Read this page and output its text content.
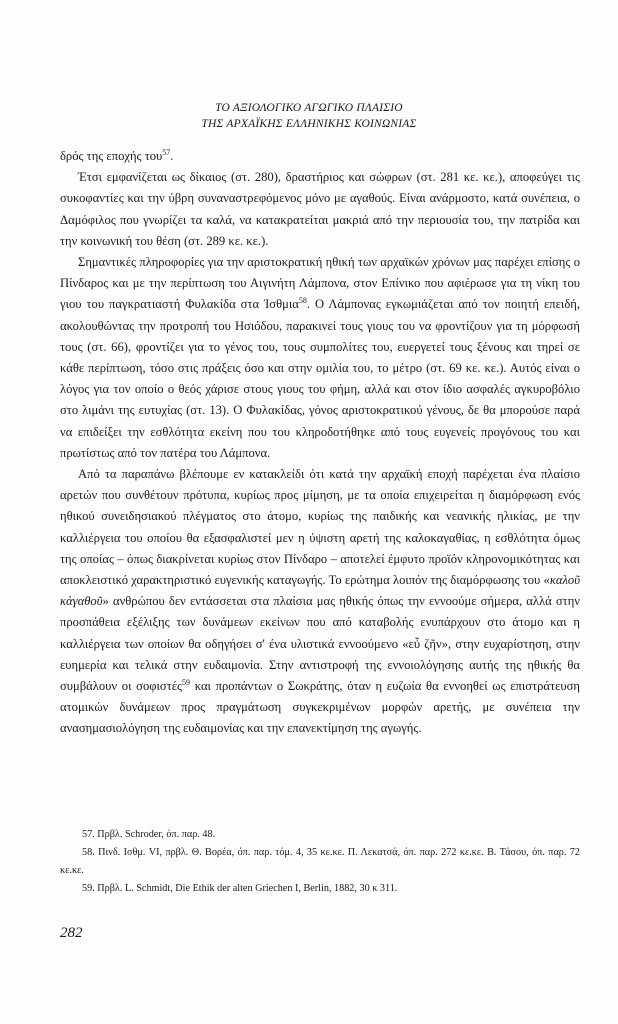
ΤΟ ΑΞΙΟΛΟΓΙΚΟ ΑΓΩΓΙΚΟ ΠΛΑΙΣΙΟ
ΤΗΣ ΑΡΧΑΪΚΗΣ ΕΛΛΗΝΙΚΗΣ ΚΟΙΝΩΝΙΑΣ

δρός της εποχής του$^{57}$.

Έτσι εμφανίζεται ως δίκαιος (στ. 280), δραστήριος και σώφρων (στ. 281 κε. κε.), αποφεύγει τις συκοφαντίες και την ύβρη συναναστρεφόμενος μόνο με αγαθούς. Είναι ανάρμοστο, κατά συνέπεια, ο Δαμόφιλος που γνωρίζει τα καλά, να κατακρατείται μακριά από την περιουσία του, την πατρίδα και την κοινωνική του θέση (στ. 289 κε. κε.).

Σημαντικές πληροφορίες για την αριστοκρατική ηθική των αρχαϊκών χρόνων μας παρέχει επίσης ο Πίνδαρος και με την περίπτωση του Αιγινήτη Λάμπονα, στον Επίνικο που αφιέρωσε για τη νίκη του γιου του παγκρατιαστή Φυλακίδα στα Ίσθμια$^{58}$. Ο Λάμπονας εγκωμιάζεται από τον ποιητή επειδή, ακολουθώντας την προτροπή του Ησιόδου, παρακινεί τους γιους του να φροντίζουν για τη μόρφωσή τους (στ. 66), φροντίζει για το γένος του, τους συμπολίτες του, ευεργετεί τους ξένους και τηρεί σε κάθε περίπτωση, τόσο στις πράξεις όσο και στην ομιλία του, το μέτρο (στ. 69 κε. κε.). Αυτός είναι ο λόγος για τον οποίο ο θεός χάρισε στους γιους του φήμη, αλλά και στον ίδιο ασφαλές αγκυροβόλιο στο λιμάνι της ευτυχίας (στ. 13). Ο Φυλακίδας, γόνος αριστοκρατικού γένους, δε θα μπορούσε παρά να επιδείξει την εσθλότητα εκείνη που του κληροδοτήθηκε από τους ευγενείς προγόνους του και πρωτίστως από τον πατέρα του Λάμπονα.

Από τα παραπάνω βλέπουμε εν κατακλείδι ότι κατά την αρχαϊκή εποχή παρέχεται ένα πλαίσιο αρετών που συνθέτουν πρότυπα, κυρίως προς μίμηση, με τα οποία επιχειρείται η διαμόρφωση ενός ηθικού συνειδησιακού πλέγματος στο άτομο, κυρίως της παιδικής και νεανικής ηλικίας, με την καλλιέργεια του οποίου θα εξασφαλιστεί μεν η ύψιστη αρετή της καλοκαγαθίας, η εσθλότητα όμως της οποίας – όπως διακρίνεται κυρίως στον Πίνδαρο – αποτελεί έμφυτο προϊόν κληρονομικότητας και αποκλειστικό χαρακτηριστικό ευγενικής καταγωγής. Το ερώτημα λοιπόν της διαμόρφωσης του «καλοῦ κἀγαθοῦ» ανθρώπου δεν εντάσσεται στα πλαίσια μας ηθικής όπως την εννοούμε σήμερα, αλλά στην προσπάθεια εξέλιξης των δυνάμεων εκείνων που από καταβολής ενυπάρχουν στο άτομο και η καλλιέργεια των οποίων θα οδηγήσει σ' ένα υλιστικά εννοούμενο «εὖ ζῆν», στην ευχαρίστηση, στην ευημερία και τελικά στην ευδαιμονία. Στην αντιστροφή της εννοιολόγησης αυτής της ηθικής θα συμβάλουν οι σοφιστές$^{59}$ και προπάντων ο Σωκράτης, όταν η ευζωία θα εννοηθεί ως επιστράτευση ατομικών δυνάμεων προς πραγμάτωση συγκεκριμένων μορφών αρετής, με συνέπεια την ανασημασιολόγηση της ευδαιμονίας και την επανεκτίμηση της αγωγής.

57. Πρβλ. Schroder, όπ. παρ. 48.

58. Πινδ. Ισθμ. VI, πρβλ. Θ. Βορέα, όπ. παρ. τόμ. 4, 35 κε.κε. Π. Λεκατσά, όπ. παρ. 272 κε.κε. Β. Τάσου, όπ. παρ. 72 κε.κε.

59. Πρβλ. L. Schmidt, Die Ethik der alten Griechen I, Berlin, 1882, 30 κ 311.

282
